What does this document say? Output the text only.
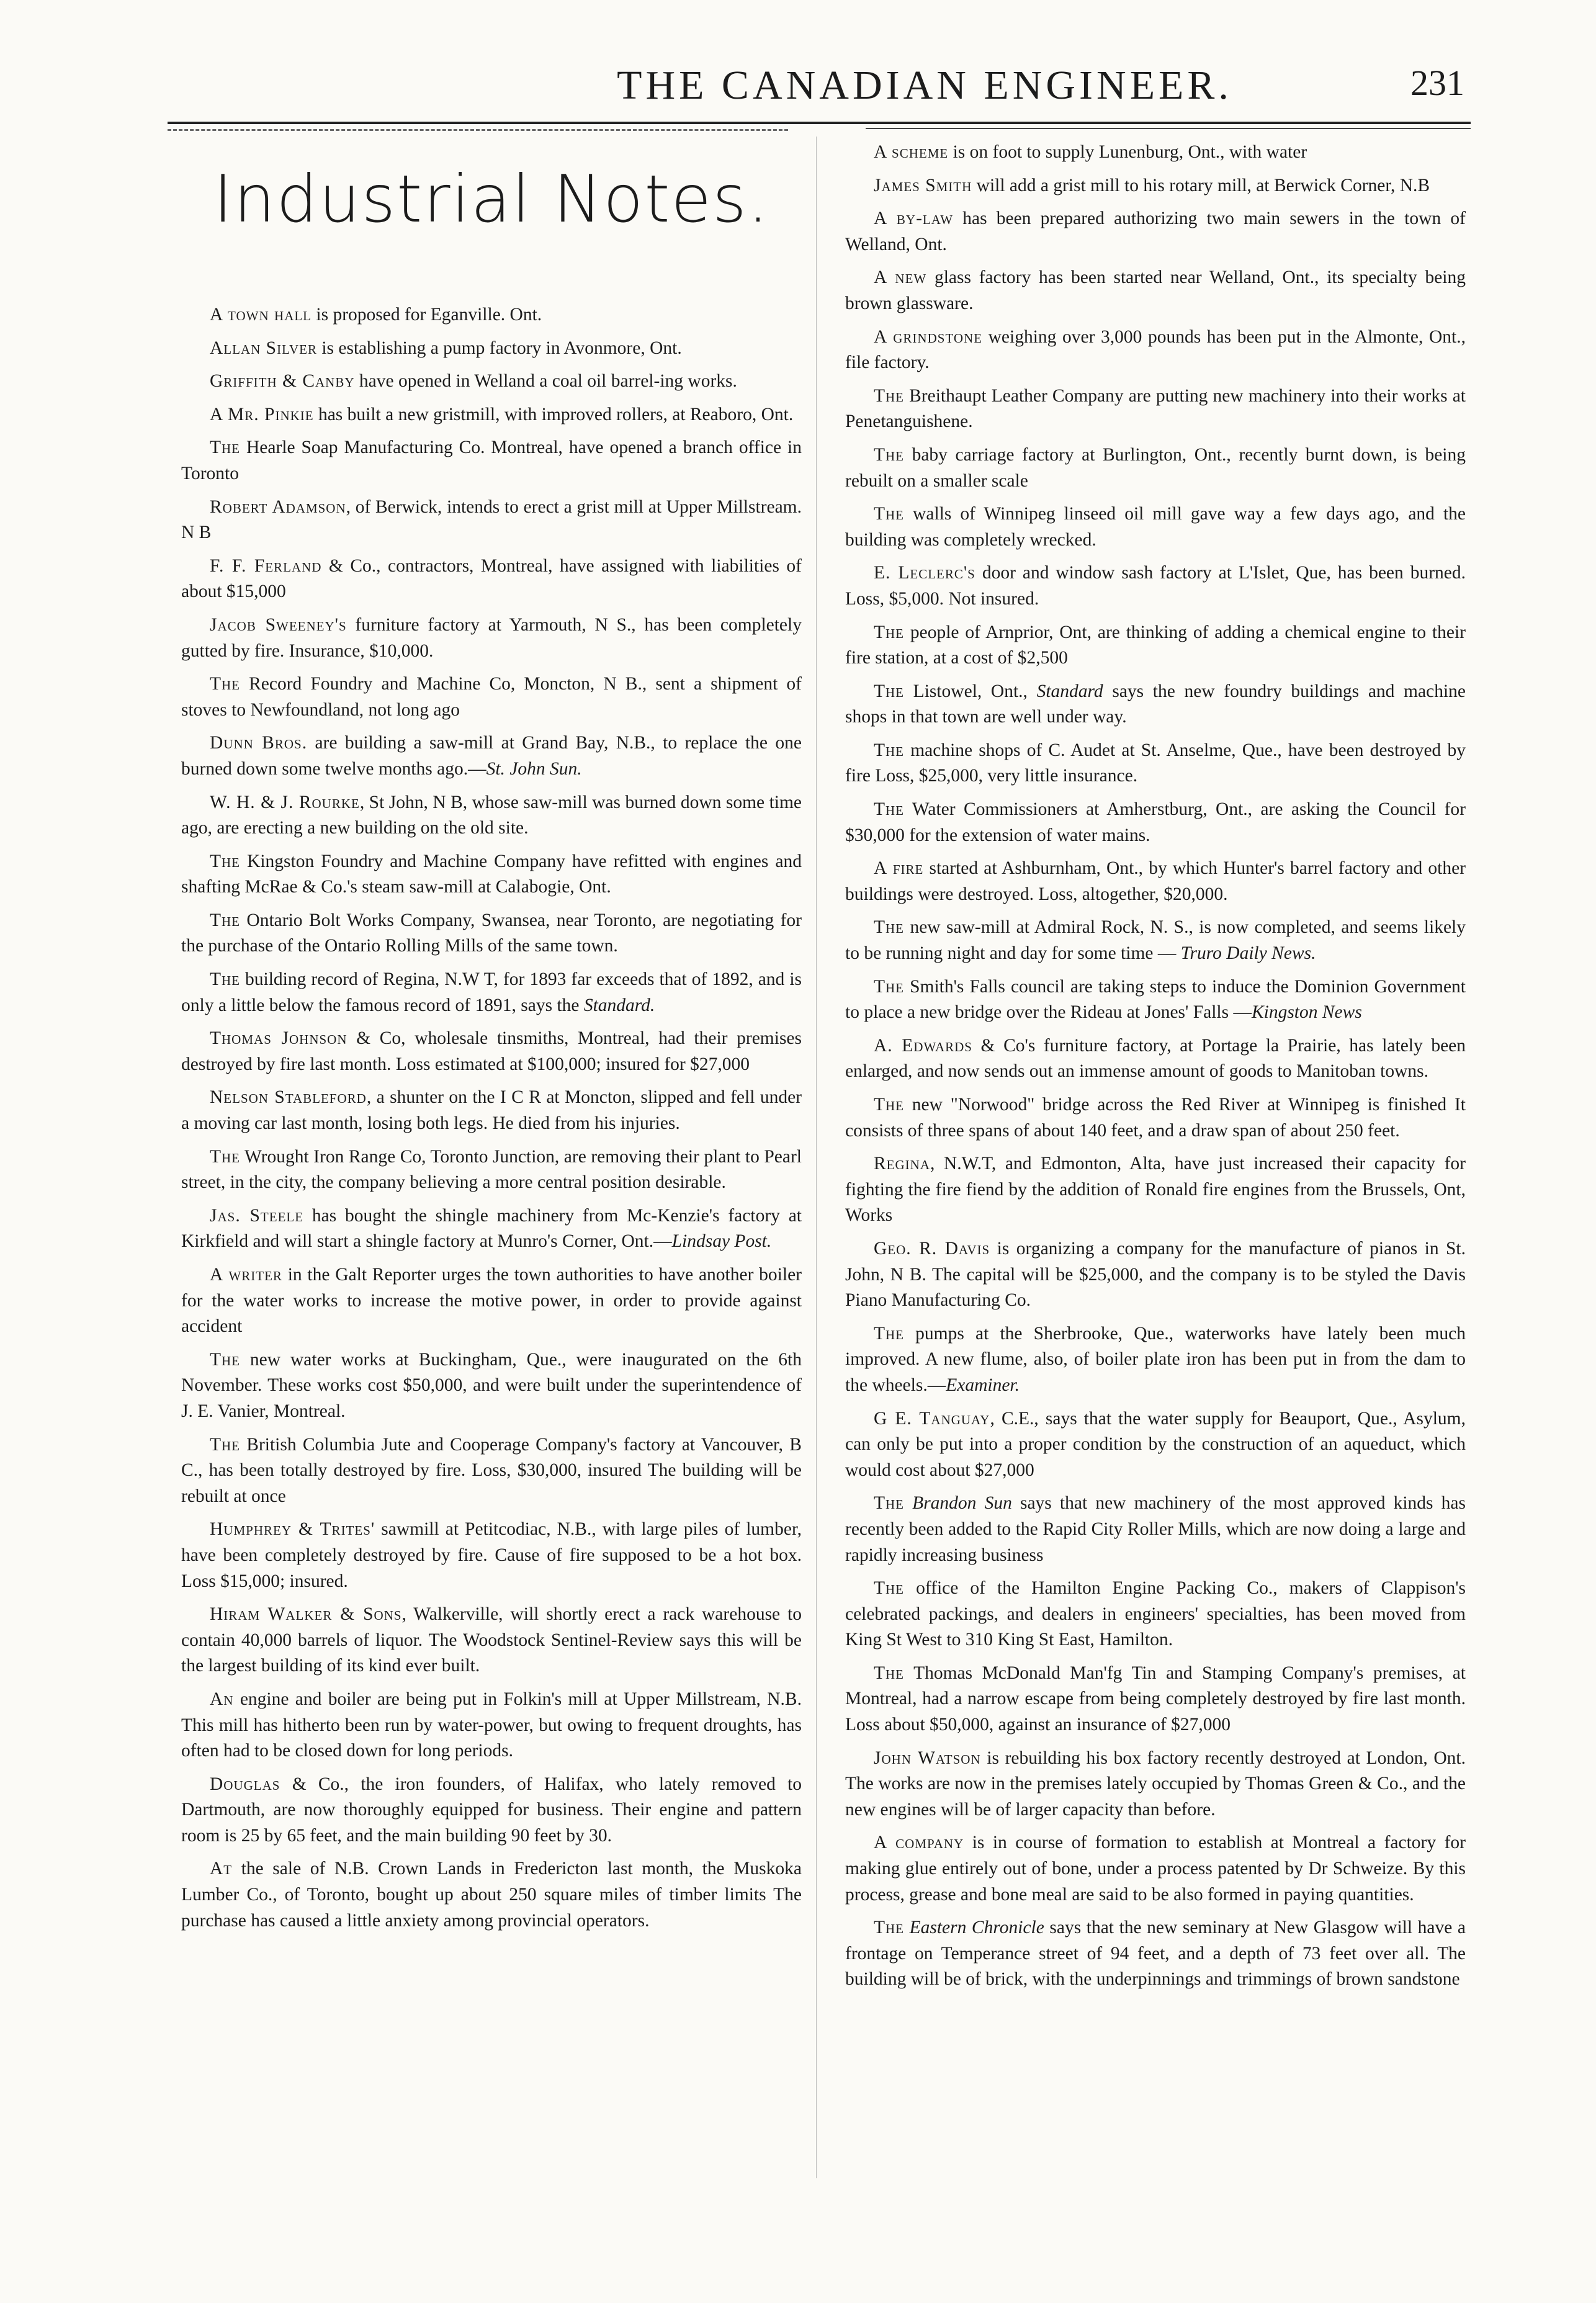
THE CANADIAN ENGINEER.	231
Industrial Notes.

A town hall is proposed for Eganville. Ont.

Allan Silver is establishing a pump factory in Avonmore, Ont.

Griffith & Canby have opened in Welland a coal oil barrel-ing works.

A Mr. Pinkie has built a new gristmill, with improved rollers, at Reaboro, Ont.

The Hearle Soap Manufacturing Co. Montreal, have opened a branch office in Toronto

Robert Adamson, of Berwick, intends to erect a grist mill at Upper Millstream. N B

F. F. Ferland & Co., contractors, Montreal, have assigned with liabilities of about $15,000

Jacob Sweeney's furniture factory at Yarmouth, N S., has been completely gutted by fire. Insurance, $10,000.

The Record Foundry and Machine Co, Moncton, N B., sent a shipment of stoves to Newfoundland, not long ago

Dunn Bros. are building a saw-mill at Grand Bay, N.B., to replace the one burned down some twelve months ago.—St. John Sun.

W. H. & J. Rourke, St John, N B, whose saw-mill was burned down some time ago, are erecting a new building on the old site.

The Kingston Foundry and Machine Company have refitted with engines and shafting McRae & Co.'s steam saw-mill at Calabogie, Ont.

The Ontario Bolt Works Company, Swansea, near Toronto, are negotiating for the purchase of the Ontario Rolling Mills of the same town.

The building record of Regina, N.W T, for 1893 far exceeds that of 1892, and is only a little below the famous record of 1891, says the Standard.

Thomas Johnson & Co, wholesale tinsmiths, Montreal, had their premises destroyed by fire last month. Loss estimated at $100,000; insured for $27,000

Nelson Stableford, a shunter on the I C R at Moncton, slipped and fell under a moving car last month, losing both legs. He died from his injuries.

The Wrought Iron Range Co, Toronto Junction, are removing their plant to Pearl street, in the city, the company believing a more central position desirable.

Jas. Steele has bought the shingle machinery from Mc-Kenzie's factory at Kirkfield and will start a shingle factory at Munro's Corner, Ont.—Lindsay Post.

A writer in the Galt Reporter urges the town authorities to have another boiler for the water works to increase the motive power, in order to provide against accident

The new water works at Buckingham, Que., were inaugurated on the 6th November. These works cost $50,000, and were built under the superintendence of J. E. Vanier, Montreal.

The British Columbia Jute and Cooperage Company's factory at Vancouver, B C., has been totally destroyed by fire. Loss, $30,000, insured The building will be rebuilt at once

Humphrey & Trites' sawmill at Petitcodiac, N.B., with large piles of lumber, have been completely destroyed by fire. Cause of fire supposed to be a hot box. Loss $15,000; insured.

Hiram Walker & Sons, Walkerville, will shortly erect a rack warehouse to contain 40,000 barrels of liquor. The Woodstock Sentinel-Review says this will be the largest building of its kind ever built.

An engine and boiler are being put in Folkin's mill at Upper Millstream, N.B. This mill has hitherto been run by water-power, but owing to frequent droughts, has often had to be closed down for long periods.

Douglas & Co., the iron founders, of Halifax, who lately removed to Dartmouth, are now thoroughly equipped for business. Their engine and pattern room is 25 by 65 feet, and the main building 90 feet by 30.

At the sale of N.B. Crown Lands in Fredericton last month, the Muskoka Lumber Co., of Toronto, bought up about 250 square miles of timber limits The purchase has caused a little anxiety among provincial operators.

A scheme is on foot to supply Lunenburg, Ont., with water

James Smith will add a grist mill to his rotary mill, at Berwick Corner, N.B

A by-law has been prepared authorizing two main sewers in the town of Welland, Ont.

A new glass factory has been started near Welland, Ont., its specialty being brown glassware.

A grindstone weighing over 3,000 pounds has been put in the Almonte, Ont., file factory.

The Breithaupt Leather Company are putting new machinery into their works at Penetanguishene.

The baby carriage factory at Burlington, Ont., recently burnt down, is being rebuilt on a smaller scale

The walls of Winnipeg linseed oil mill gave way a few days ago, and the building was completely wrecked.

E. Leclerc's door and window sash factory at L'Islet, Que, has been burned. Loss, $5,000. Not insured.

The people of Arnprior, Ont, are thinking of adding a chemical engine to their fire station, at a cost of $2,500

The Listowel, Ont., Standard says the new foundry buildings and machine shops in that town are well under way.

The machine shops of C. Audet at St. Anselme, Que., have been destroyed by fire Loss, $25,000, very little insurance.

The Water Commissioners at Amherstburg, Ont., are asking the Council for $30,000 for the extension of water mains.

A fire started at Ashburnham, Ont., by which Hunter's barrel factory and other buildings were destroyed. Loss, altogether, $20,000.

The new saw-mill at Admiral Rock, N. S., is now completed, and seems likely to be running night and day for some time — Truro Daily News.

The Smith's Falls council are taking steps to induce the Dominion Government to place a new bridge over the Rideau at Jones' Falls —Kingston News

A. Edwards & Co's furniture factory, at Portage la Prairie, has lately been enlarged, and now sends out an immense amount of goods to Manitoban towns.

The new "Norwood" bridge across the Red River at Winnipeg is finished It consists of three spans of about 140 feet, and a draw span of about 250 feet.

Regina, N.W.T, and Edmonton, Alta, have just increased their capacity for fighting the fire fiend by the addition of Ronald fire engines from the Brussels, Ont, Works

Geo. R. Davis is organizing a company for the manufacture of pianos in St. John, N B. The capital will be $25,000, and the company is to be styled the Davis Piano Manufacturing Co.

The pumps at the Sherbrooke, Que., waterworks have lately been much improved. A new flume, also, of boiler plate iron has been put in from the dam to the wheels.—Examiner.

G E. Tanguay, C.E., says that the water supply for Beauport, Que., Asylum, can only be put into a proper condition by the construction of an aqueduct, which would cost about $27,000

The Brandon Sun says that new machinery of the most approved kinds has recently been added to the Rapid City Roller Mills, which are now doing a large and rapidly increasing business

The office of the Hamilton Engine Packing Co., makers of Clappison's celebrated packings, and dealers in engineers' specialties, has been moved from King St West to 310 King St East, Hamilton.

The Thomas McDonald Man'fg Tin and Stamping Company's premises, at Montreal, had a narrow escape from being completely destroyed by fire last month. Loss about $50,000, against an insurance of $27,000

John Watson is rebuilding his box factory recently destroyed at London, Ont. The works are now in the premises lately occupied by Thomas Green & Co., and the new engines will be of larger capacity than before.

A company is in course of formation to establish at Montreal a factory for making glue entirely out of bone, under a process patented by Dr Schweize. By this process, grease and bone meal are said to be also formed in paying quantities.

The Eastern Chronicle says that the new seminary at New Glasgow will have a frontage on Temperance street of 94 feet, and a depth of 73 feet over all. The building will be of brick, with the underpinnings and trimmings of brown sandstone
